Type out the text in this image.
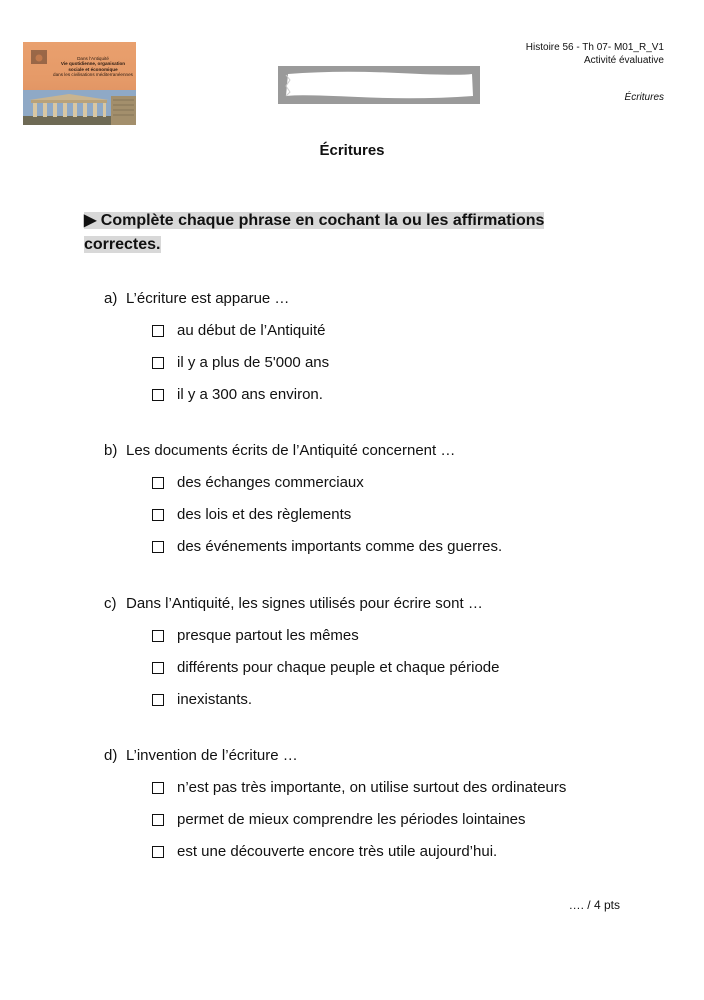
Dans l'Antiquité
Vie quotidienne, organisation
sociale et économique
dans les civilisations méditerranéennes
Histoire 56 - Th 07- M01_R_V1
Activité évaluative
Écritures
Écritures
▶ Complète chaque phrase en cochant la ou les affirmations
correctes.
a) L’écriture est apparue …
au début de l’Antiquité
il y a plus de 5'000 ans
il y a 300 ans environ.
b) Les documents écrits de l’Antiquité concernent …
des échanges commerciaux
des lois et des règlements
des événements importants comme des guerres.
c) Dans l’Antiquité, les signes utilisés pour écrire sont …
presque partout les mêmes
différents pour chaque peuple et chaque période
inexistants.
d) L’invention de l’écriture …
n’est pas très importante, on utilise surtout des ordinateurs
permet de mieux comprendre les périodes lointaines
est une découverte encore très utile aujourd’hui.
…. / 4 pts
